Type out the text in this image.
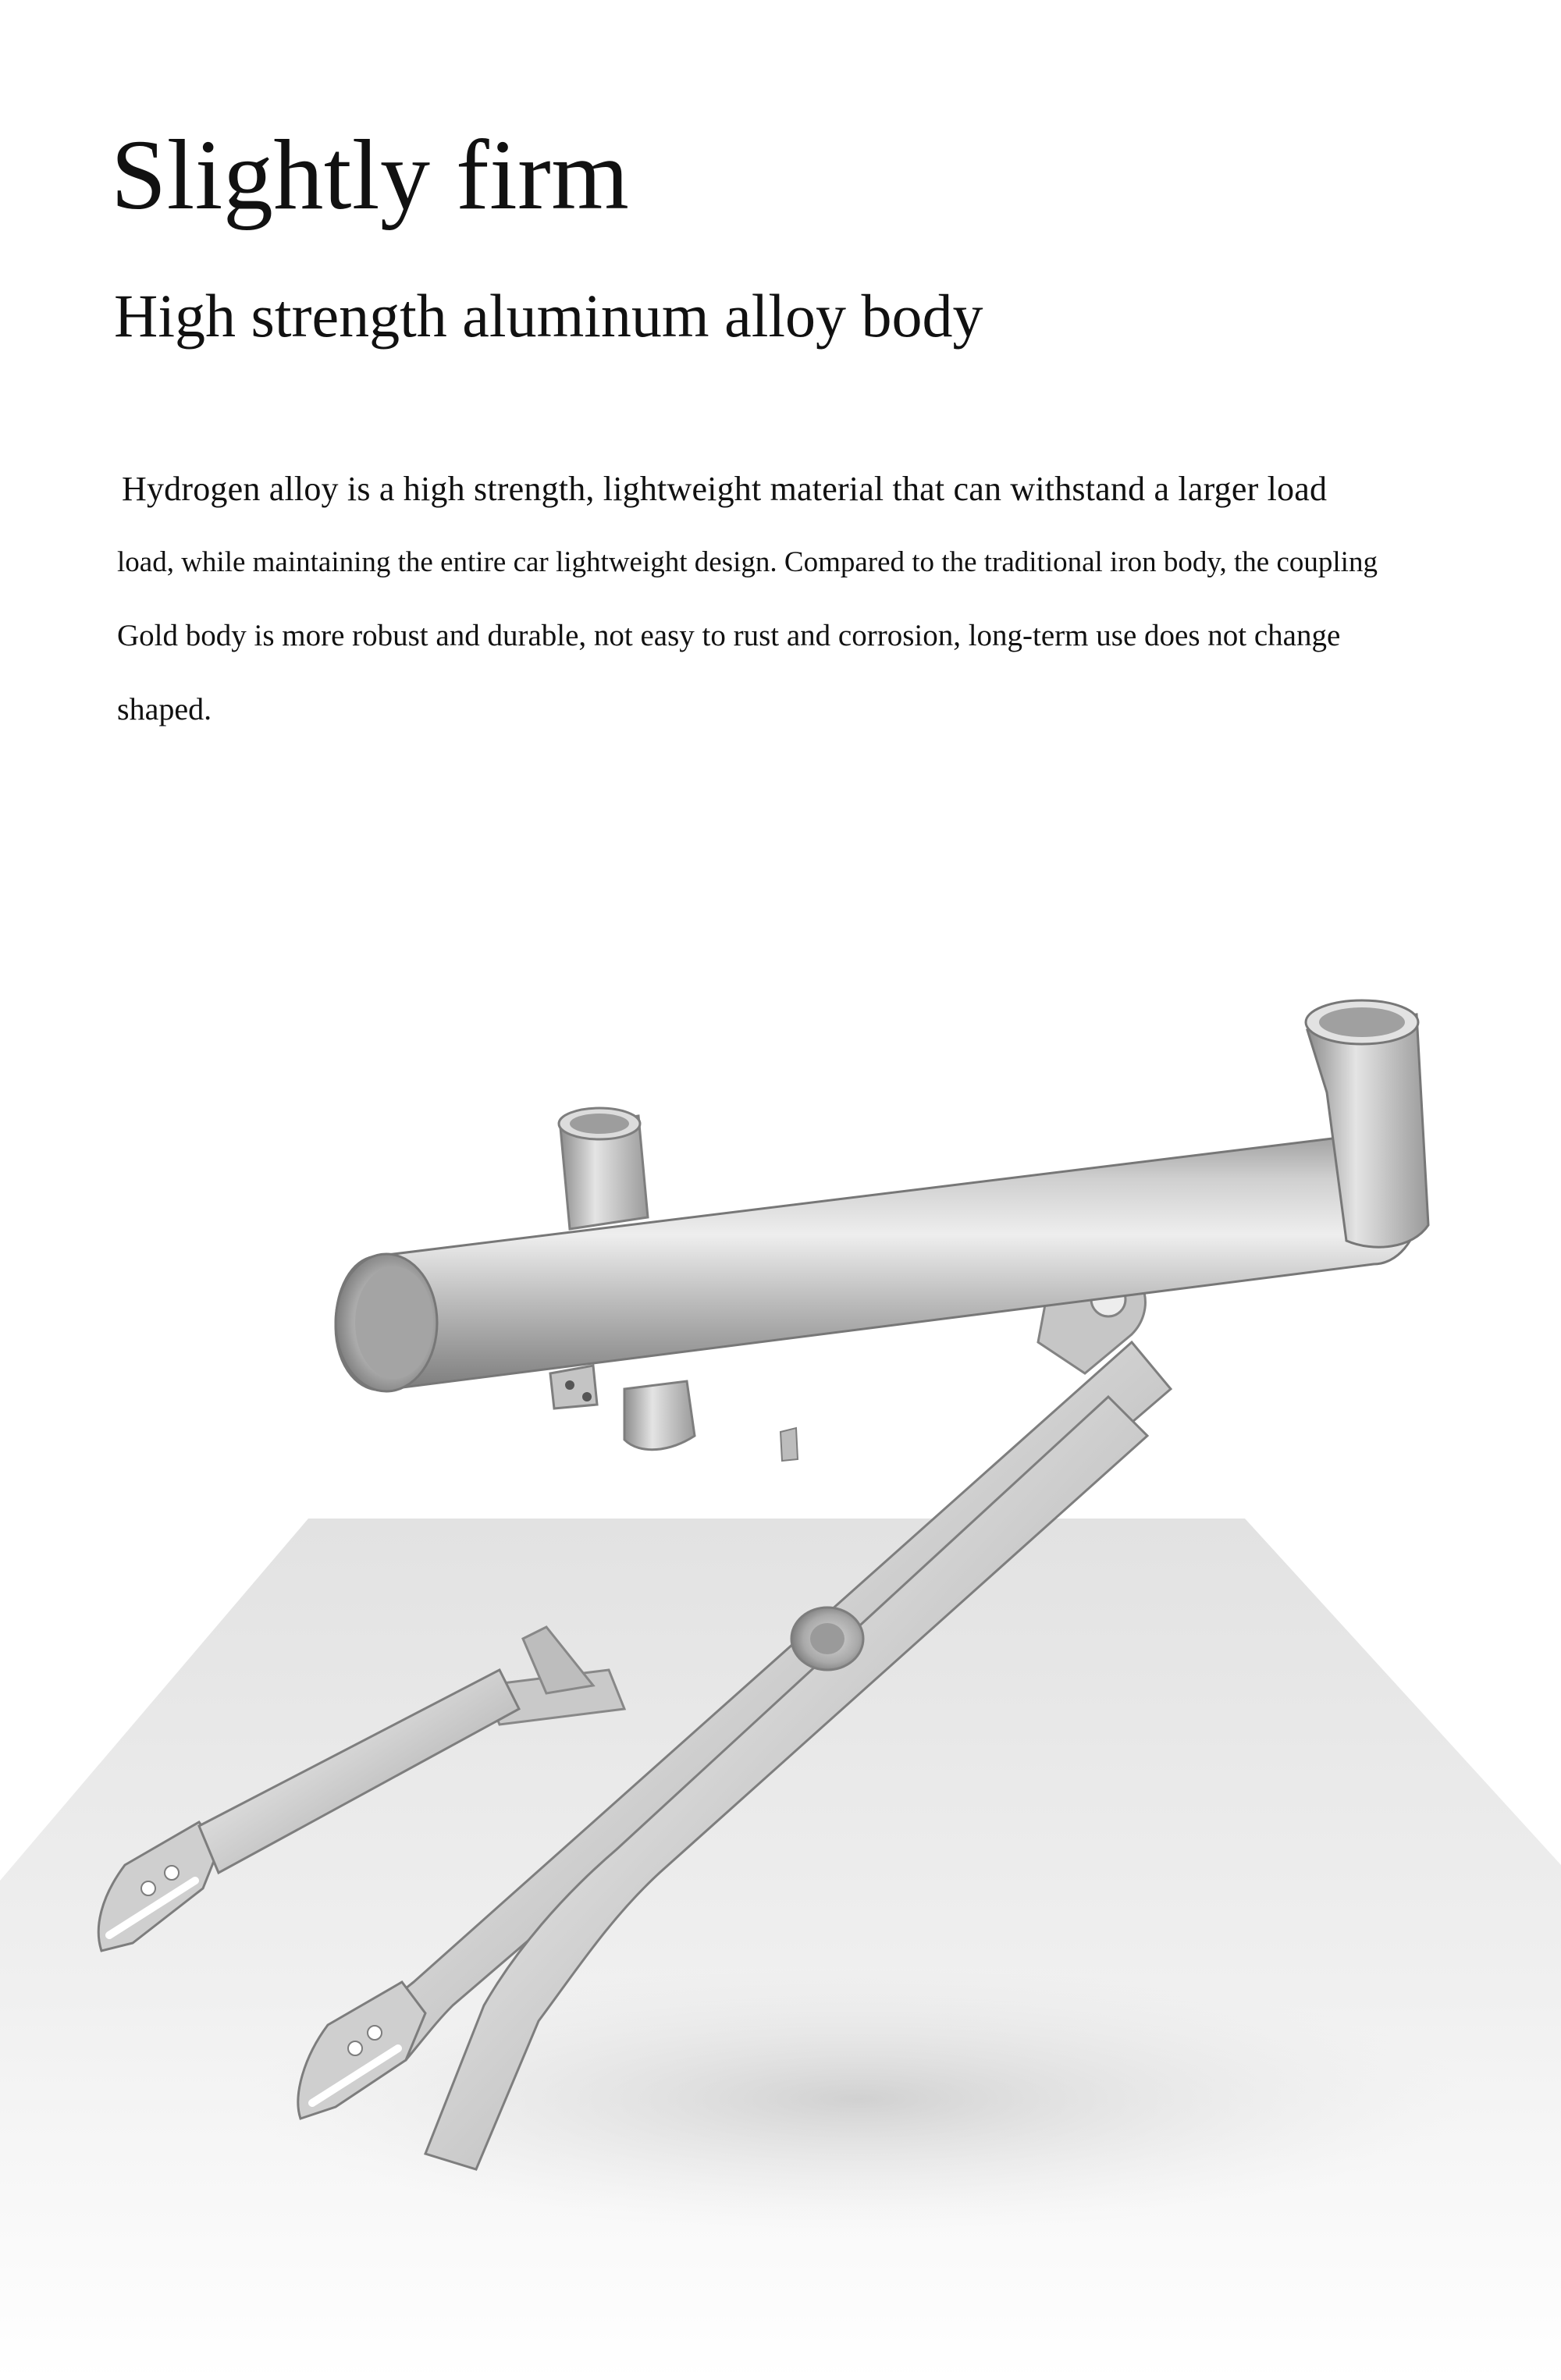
Slightly firm
High strength aluminum alloy body

Hydrogen alloy is a high strength, lightweight material that can withstand a larger load
load, while maintaining the entire car lightweight design. Compared to the traditional iron body, the coupling
Gold body is more robust and durable, not easy to rust and corrosion, long-term use does not change
shaped.
